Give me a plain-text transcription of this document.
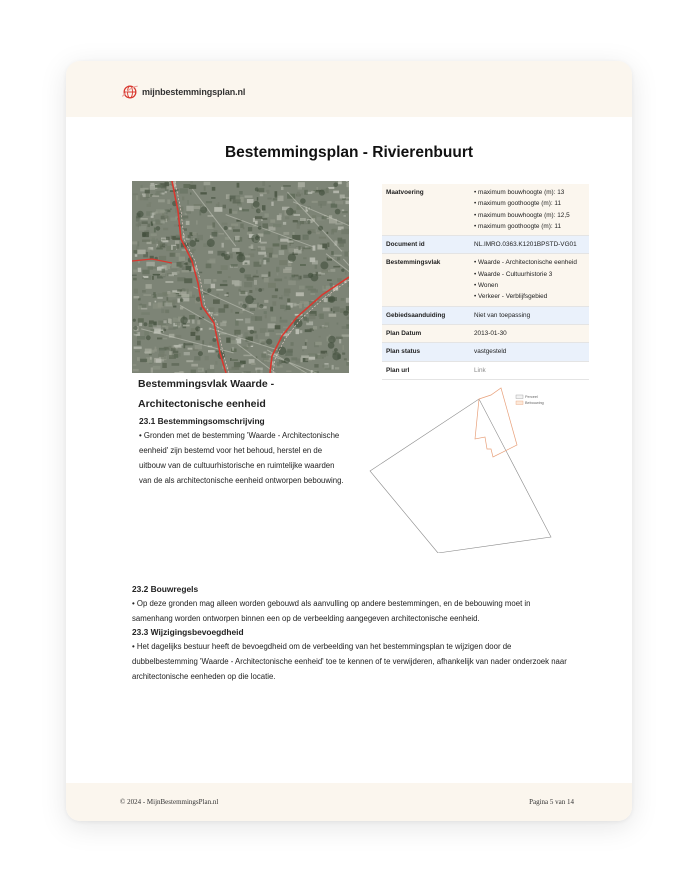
mijnbestemmingsplan.nl
Bestemmingsplan - Rivierenbuurt
Maatvoering	• maximum bouwhoogte (m): 13
• maximum goothoogte (m): 11
• maximum bouwhoogte (m): 12,5
• maximum goothoogte (m): 11

Document id	NL.IMRO.0363.K1201BPSTD-VG01
Bestemmingsvlak	• Waarde - Architectonische eenheid
• Waarde - Cultuurhistorie 3
• Wonen
• Verkeer - Verblijfsgebied

Gebiedsaanduiding	Niet van toepassing
Plan Datum	2013-01-30
Plan status	vastgesteld
Plan url	Link
Bestemmingsvlak Waarde - Architectonische eenheid
23.1 Bestemmingsomschrijving
• Gronden met de bestemming 'Waarde - Architectonische eenheid' zijn bestemd voor het behoud, herstel en de uitbouw van de cultuurhistorische en ruimtelijke waarden van de als architectonische eenheid ontworpen bebouwing.
Perceel
Bebouwing
23.2 Bouwregels
• Op deze gronden mag alleen worden gebouwd als aanvulling op andere bestemmingen, en de bebouwing moet in samenhang worden ontworpen binnen een op de verbeelding aangegeven architectonische eenheid.
23.3 Wijzigingsbevoegdheid
• Het dagelijks bestuur heeft de bevoegdheid om de verbeelding van het bestemmingsplan te wijzigen door de dubbelbestemming 'Waarde - Architectonische eenheid' toe te kennen of te verwijderen, afhankelijk van nader onderzoek naar architectonische eenheden op die locatie.
© 2024 - MijnBestemmingsPlan.nl	Pagina 5 van 14
